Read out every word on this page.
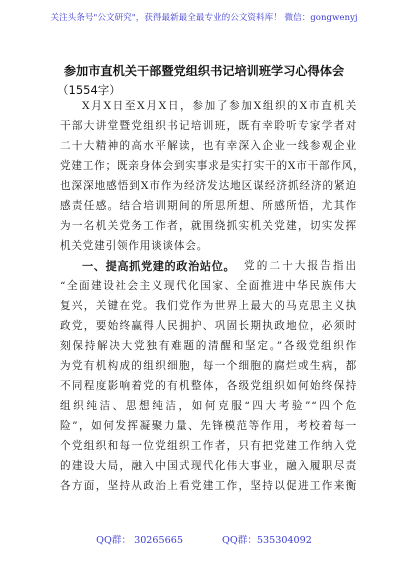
关注头条号"公文研究"，获得最新最全最专业的公文资料库！ 微信：gongwenyj
参加市直机关干部暨党组织书记培训班学习心得体会
（1554字）
X月X日至X月X日，参加了参加X组织的X市直机关
干部大讲堂暨党组织书记培训班，既有幸聆听专家学者对
二十大精神的高水平解读，也有幸深入企业一线参观企业
党建工作；既亲身体会到实事求是实打实干的X市干部作风，
也深深地感悟到X市作为经济发达地区谋经济抓经济的紧迫
感责任感。结合培训期间的所思所想、所感所悟，尤其作
为一名机关党务工作者，就围绕抓实机关党建，切实发挥
机关党建引领作用谈谈体会。
一、提高抓党建的政治站位。 党的二十大报告指出
“全面建设社会主义现代化国家、全面推进中华民族伟大
复兴，关键在党。我们党作为世界上最大的马克思主义执
政党，要始终赢得人民拥护、巩固长期执政地位，必须时
刻保持解决大党独有难题的清醒和坚定。”各级党组织作
为党有机构成的组织细胞，每一个细胞的腐烂或生病，都
不同程度影响着党的有机整体，各级党组织如何始终保持
组织纯洁、思想纯洁，如何克服“四大考验”“四个危
险”，如何发挥凝聚力量、先锋模范等作用，考校着每一
个党组织和每一位党组织工作者，只有把党建工作纳入党
的建设大局，融入中国式现代化伟大事业，融入履职尽责
各方面，坚持从政治上看党建工作，坚持以促进工作来衡
QQ群： 30265665	QQ群：535304092
